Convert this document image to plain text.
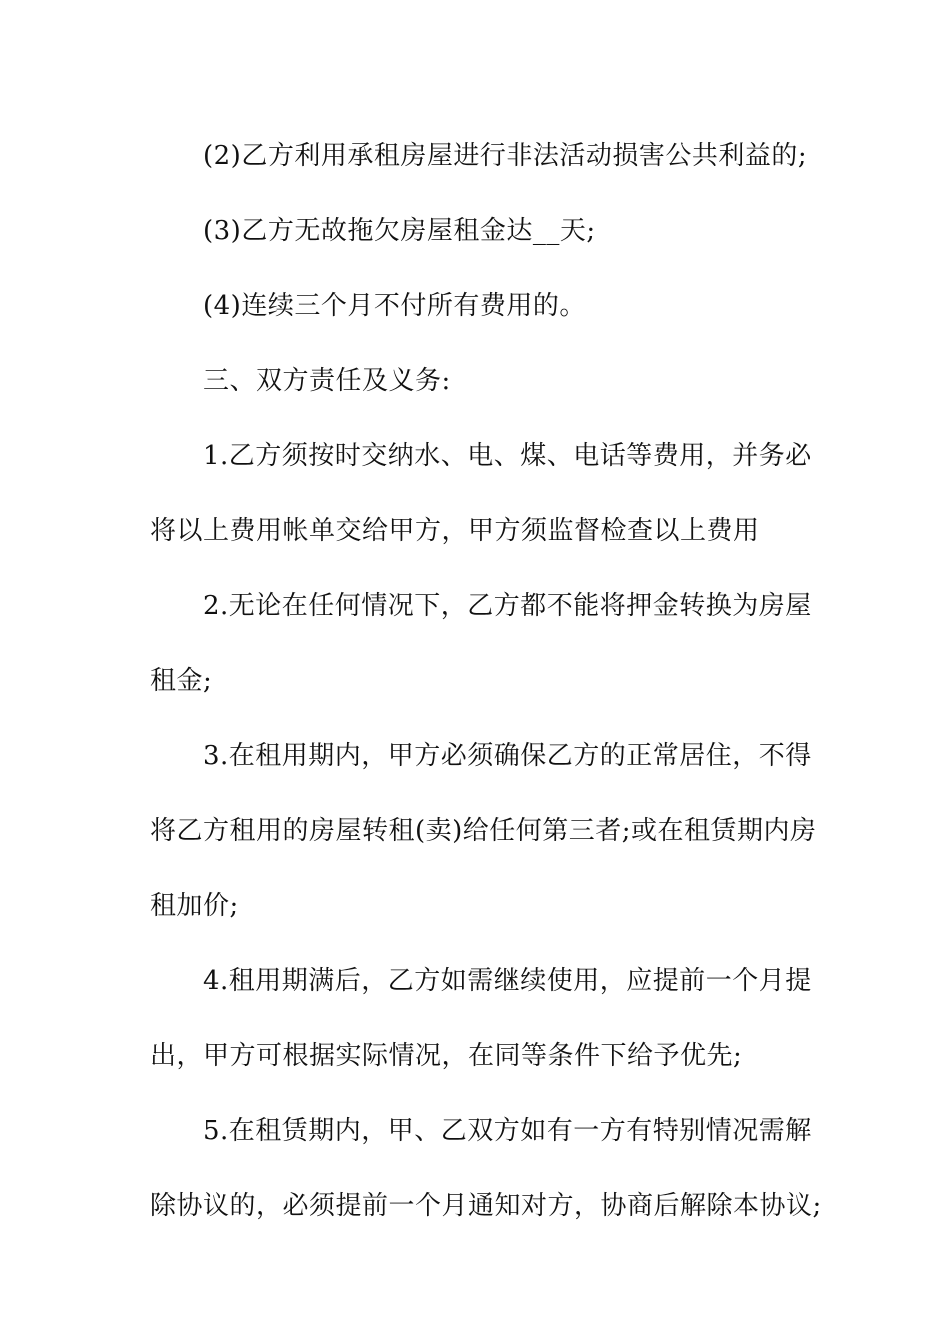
(2)乙方利用承租房屋进行非法活动损害公共利益的;
(3)乙方无故拖欠房屋租金达__天;
(4)连续三个月不付所有费用的。
三、双方责任及义务:
1.乙方须按时交纳水、电、煤、电话等费用，并务必
将以上费用帐单交给甲方，甲方须监督检查以上费用
2.无论在任何情况下，乙方都不能将押金转换为房屋
租金;
3.在租用期内，甲方必须确保乙方的正常居住，不得
将乙方租用的房屋转租(卖)给任何第三者;或在租赁期内房
租加价;
4.租用期满后，乙方如需继续使用，应提前一个月提
出，甲方可根据实际情况，在同等条件下给予优先;
5.在租赁期内，甲、乙双方如有一方有特别情况需解
除协议的，必须提前一个月通知对方，协商后解除本协议;
